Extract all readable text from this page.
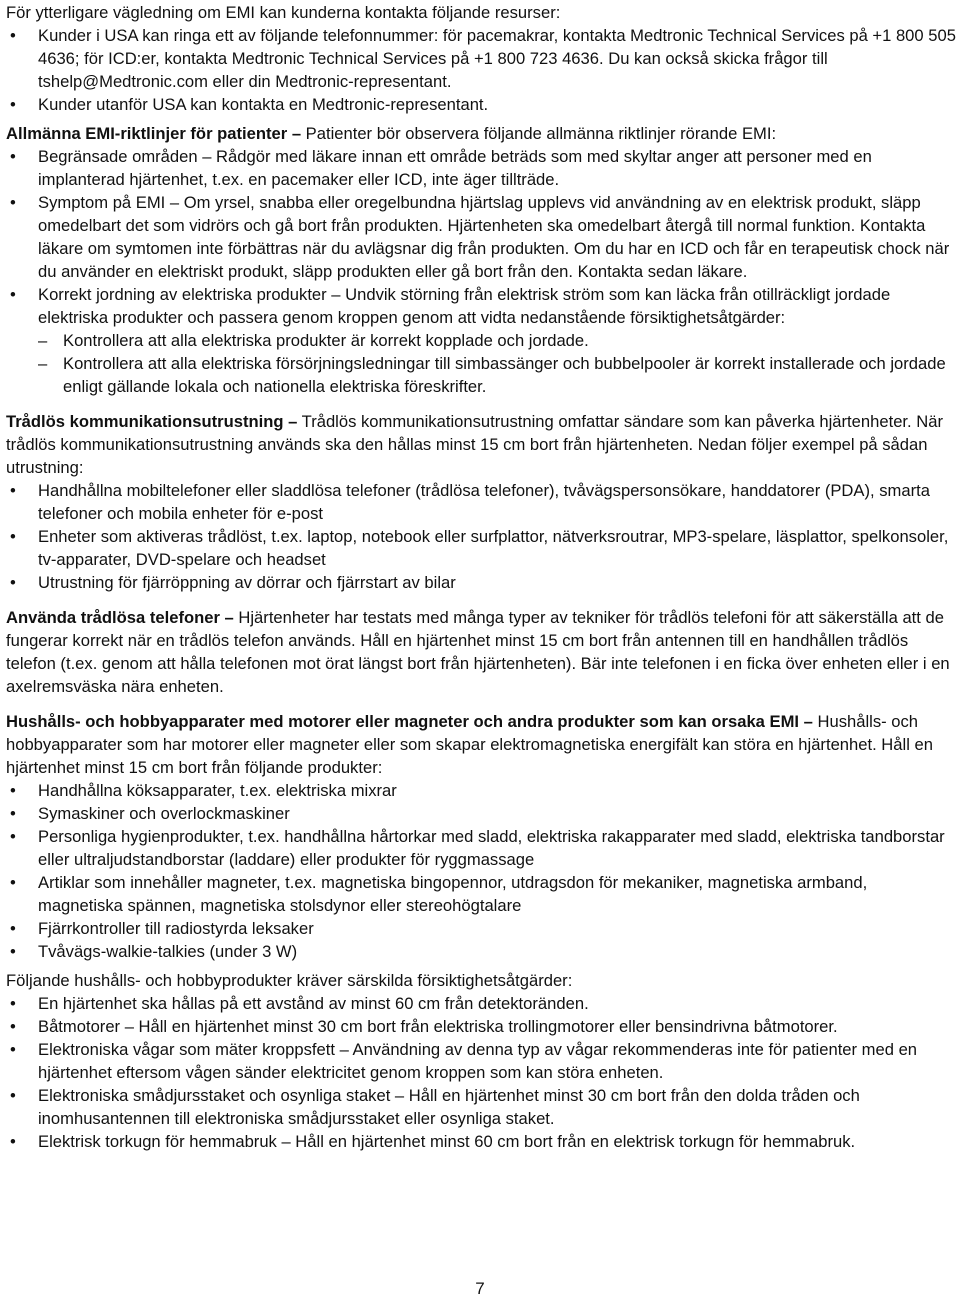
För ytterligare vägledning om EMI kan kunderna kontakta följande resurser:

•	Kunder i USA kan ringa ett av följande telefonnummer: för pacemakrar, kontakta Medtronic Technical Services på +1 800 505 4636; för ICD:er, kontakta Medtronic Technical Services på +1 800 723 4636. Du kan också skicka frågor till tshelp@Medtronic.com eller din Medtronic-representant.
•	Kunder utanför USA kan kontakta en Medtronic-representant.

Allmänna EMI-riktlinjer för patienter – Patienter bör observera följande allmänna riktlinjer rörande EMI:

•	Begränsade områden – Rådgör med läkare innan ett område beträds som med skyltar anger att personer med en implanterad hjärtenhet, t.ex. en pacemaker eller ICD, inte äger tillträde.
•	Symptom på EMI – Om yrsel, snabba eller oregelbundna hjärtslag upplevs vid användning av en elektrisk produkt, släpp omedelbart det som vidrörs och gå bort från produkten. Hjärtenheten ska omedelbart återgå till normal funktion. Kontakta läkare om symtomen inte förbättras när du avlägsnar dig från produkten. Om du har en ICD och får en terapeutisk chock när du använder en elektriskt produkt, släpp produkten eller gå bort från den. Kontakta sedan läkare.
•	Korrekt jordning av elektriska produkter – Undvik störning från elektrisk ström som kan läcka från otillräckligt jordade elektriska produkter och passera genom kroppen genom att vidta nedanstående försiktighetsåtgärder:
– Kontrollera att alla elektriska produkter är korrekt kopplade och jordade.
– Kontrollera att alla elektriska försörjningsledningar till simbassänger och bubbelpooler är korrekt installerade och jordade enligt gällande lokala och nationella elektriska föreskrifter.

Trådlös kommunikationsutrustning – Trådlös kommunikationsutrustning omfattar sändare som kan påverka hjärtenheter. När trådlös kommunikationsutrustning används ska den hållas minst 15 cm bort från hjärtenheten. Nedan följer exempel på sådan utrustning:

•	Handhållna mobiltelefoner eller sladdlösa telefoner (trådlösa telefoner), tvåvägspersonsökare, handdatorer (PDA), smarta telefoner och mobila enheter för e-post
•	Enheter som aktiveras trådlöst, t.ex. laptop, notebook eller surfplattor, nätverksroutrar, MP3-spelare, läsplattor, spelkonsoler, tv-apparater, DVD-spelare och headset
•	Utrustning för fjärröppning av dörrar och fjärrstart av bilar

Använda trådlösa telefoner – Hjärtenheter har testats med många typer av tekniker för trådlös telefoni för att säkerställa att de fungerar korrekt när en trådlös telefon används. Håll en hjärtenhet minst 15 cm bort från antennen till en handhållen trådlös telefon (t.ex. genom att hålla telefonen mot örat längst bort från hjärtenheten). Bär inte telefonen i en ficka över enheten eller i en axelremsväska nära enheten.

Hushålls- och hobbyapparater med motorer eller magneter och andra produkter som kan orsaka EMI – Hushålls- och hobbyapparater som har motorer eller magneter eller som skapar elektromagnetiska energifält kan störa en hjärtenhet. Håll en hjärtenhet minst 15 cm bort från följande produkter:

•	Handhållna köksapparater, t.ex. elektriska mixrar
•	Symaskiner och overlockmaskiner
•	Personliga hygienprodukter, t.ex. handhållna hårtorkar med sladd, elektriska rakapparater med sladd, elektriska tandborstar eller ultraljudstandborstar (laddare) eller produkter för ryggmassage
•	Artiklar som innehåller magneter, t.ex. magnetiska bingopennor, utdragsdon för mekaniker, magnetiska armband, magnetiska spännen, magnetiska stolsdynor eller stereohögtalare
•	Fjärrkontroller till radiostyrda leksaker
•	Tvåvägs-walkie-talkies (under 3 W)

Följande hushålls- och hobbyprodukter kräver särskilda försiktighetsåtgärder:

•	En hjärtenhet ska hållas på ett avstånd av minst 60 cm från detektoränden.
•	Båtmotorer – Håll en hjärtenhet minst 30 cm bort från elektriska trollingmotorer eller bensindrivna båtmotorer.
•	Elektroniska vågar som mäter kroppsfett – Användning av denna typ av vågar rekommenderas inte för patienter med en hjärtenhet eftersom vågen sänder elektricitet genom kroppen som kan störa enheten.
•	Elektroniska smådjursstaket och osynliga staket – Håll en hjärtenhet minst 30 cm bort från den dolda tråden och inomhusantennen till elektroniska smådjursstaket eller osynliga staket.
•	Elektrisk torkugn för hemmabruk – Håll en hjärtenhet minst 60 cm bort från en elektrisk torkugn för hemmabruk.
7
